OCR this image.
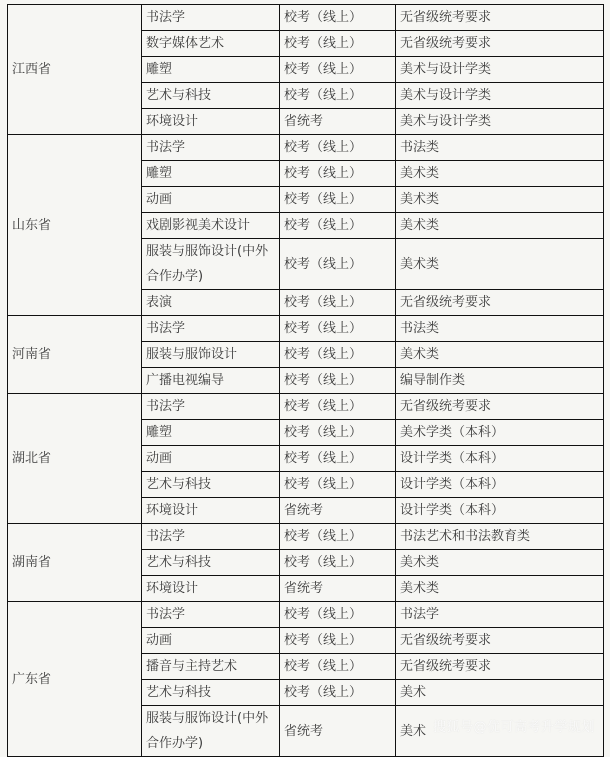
江西省	书法学	校考（线上）	无省级统考要求
	数字媒体艺术	校考（线上）	无省级统考要求
	雕塑	校考（线上）	美术与设计学类
	艺术与科技	校考（线上）	美术与设计学类
	环境设计	省统考	美术与设计学类
山东省	书法学	校考（线上）	书法类
	雕塑	校考（线上）	美术类
	动画	校考（线上）	美术类
	戏剧影视美术设计	校考（线上）	美术类
	服装与服饰设计(中外合作办学)	校考（线上）	美术类
	表演	校考（线上）	无省级统考要求
河南省	书法学	校考（线上）	书法类
	服装与服饰设计	校考（线上）	美术类
	广播电视编导	校考（线上）	编导制作类
湖北省	书法学	校考（线上）	无省级统考要求
	雕塑	校考（线上）	美术学类（本科）
	动画	校考（线上）	设计学类（本科）
	艺术与科技	校考（线上）	设计学类（本科）
	环境设计	省统考	设计学类（本科）
湖南省	书法学	校考（线上）	书法艺术和书法教育类
	艺术与科技	校考（线上）	美术类
	环境设计	省统考	美术类
广东省	书法学	校考（线上）	书法学
	动画	校考（线上）	无省级统考要求
	播音与主持艺术	校考（线上）	无省级统考要求
	艺术与科技	校考（线上）	美术
	服装与服饰设计(中外合作办学)	省统考	美术 搜狐号@优可高考升学规划
